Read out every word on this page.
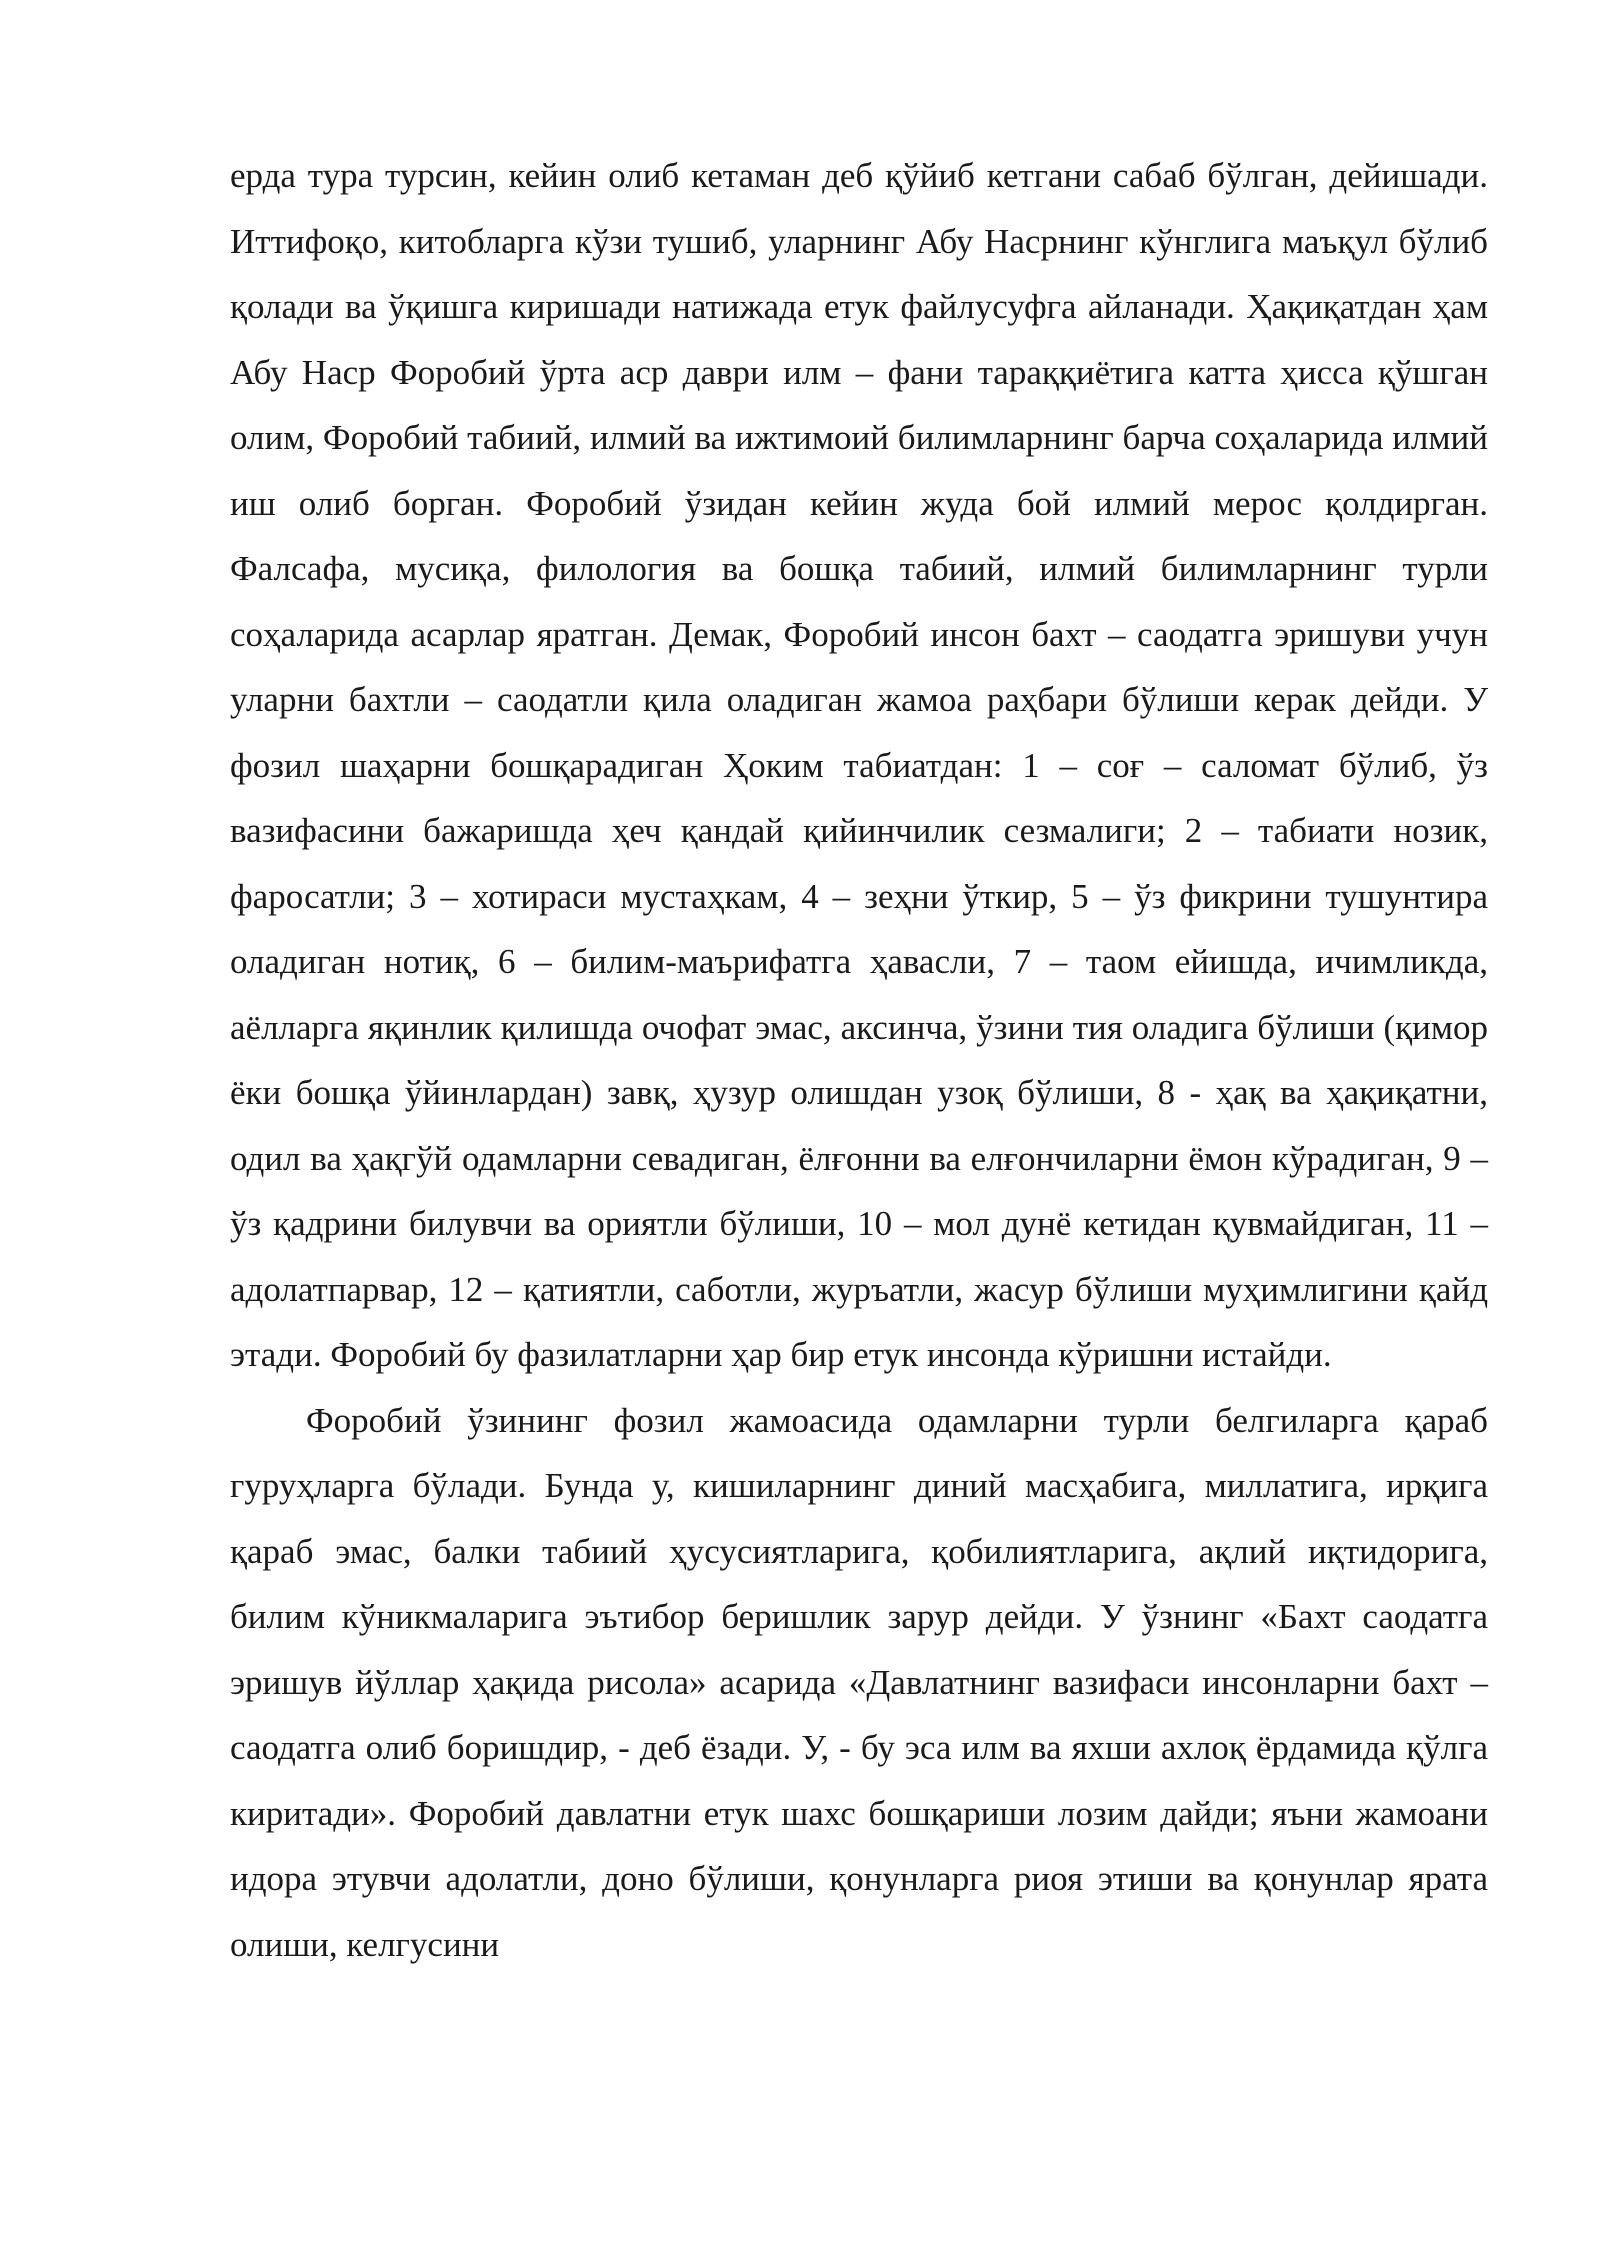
ерда тура турсин, кейин олиб кетаман деб қўйиб кетгани сабаб бўлган, дейишади. Иттифоқо, китобларга кўзи тушиб, уларнинг Абу Насрнинг кўнглига маъқул бўлиб қолади ва ўқишга киришади натижада етук файлусуфга айланади. Ҳақиқатдан ҳам Абу Наср Форобий ўрта аср даври илм – фани тараққиётига катта ҳисса қўшган олим, Форобий табиий, илмий ва ижтимоий билимларнинг барча соҳаларида илмий иш олиб борган. Форобий ўзидан кейин жуда бой илмий мерос қолдирган. Фалсафа, мусиқа, филология ва бошқа табиий, илмий билимларнинг турли соҳаларида асарлар яратган. Демак, Форобий инсон бахт – саодатга эришуви учун уларни бахтли – саодатли қила оладиган жамоа раҳбари бўлиши керак дейди. У фозил шаҳарни бошқарадиган Ҳоким табиатдан: 1 – соғ – саломат бўлиб, ўз вазифасини бажаришда ҳеч қандай қийинчилик сезмалиги; 2 – табиати нозик, фаросатли; 3 – хотираси мустаҳкам, 4 – зеҳни ўткир, 5 – ўз фикрини тушунтира оладиган нотиқ, 6 – билим-маърифатга ҳавасли, 7 – таом ейишда, ичимликда, аёлларга яқинлик қилишда очофат эмас, аксинча, ўзини тия оладига бўлиши (қимор ёки бошқа ўйинлардан) завқ, ҳузур олишдан узоқ бўлиши, 8 - ҳақ ва ҳақиқатни, одил ва ҳақгўй одамларни севадиган, ёлғонни ва елғончиларни ёмон кўрадиган, 9 – ўз қадрини билувчи ва ориятли бўлиши, 10 – мол дунё кетидан қувмайдиган, 11 – адолатпарвар, 12 – қатиятли, саботли, журъатли, жасур бўлиши муҳимлигини қайд этади. Форобий бу фазилатларни ҳар бир етук инсонда кўришни истайди.

Форобий ўзининг фозил жамоасида одамларни турли белгиларга қараб гуруҳларга бўлади. Бунда у, кишиларнинг диний масҳабига, миллатига, ирқига қараб эмас, балки табиий ҳусусиятларига, қобилиятларига, ақлий иқтидорига, билим кўникмаларига эътибор беришлик зарур дейди. У ўзнинг «Бахт саодатга эришув йўллар ҳақида рисола» асарида «Давлатнинг вазифаси инсонларни бахт – саодатга олиб боришдир, - деб ёзади. У, - бу эса илм ва яхши ахлоқ ёрдамида қўлга киритади». Форобий давлатни етук шахс бошқариши лозим дайди; яъни жамоани идора этувчи адолатли, доно бўлиши, қонунларга риоя этиши ва қонунлар ярата олиши, келгусини
